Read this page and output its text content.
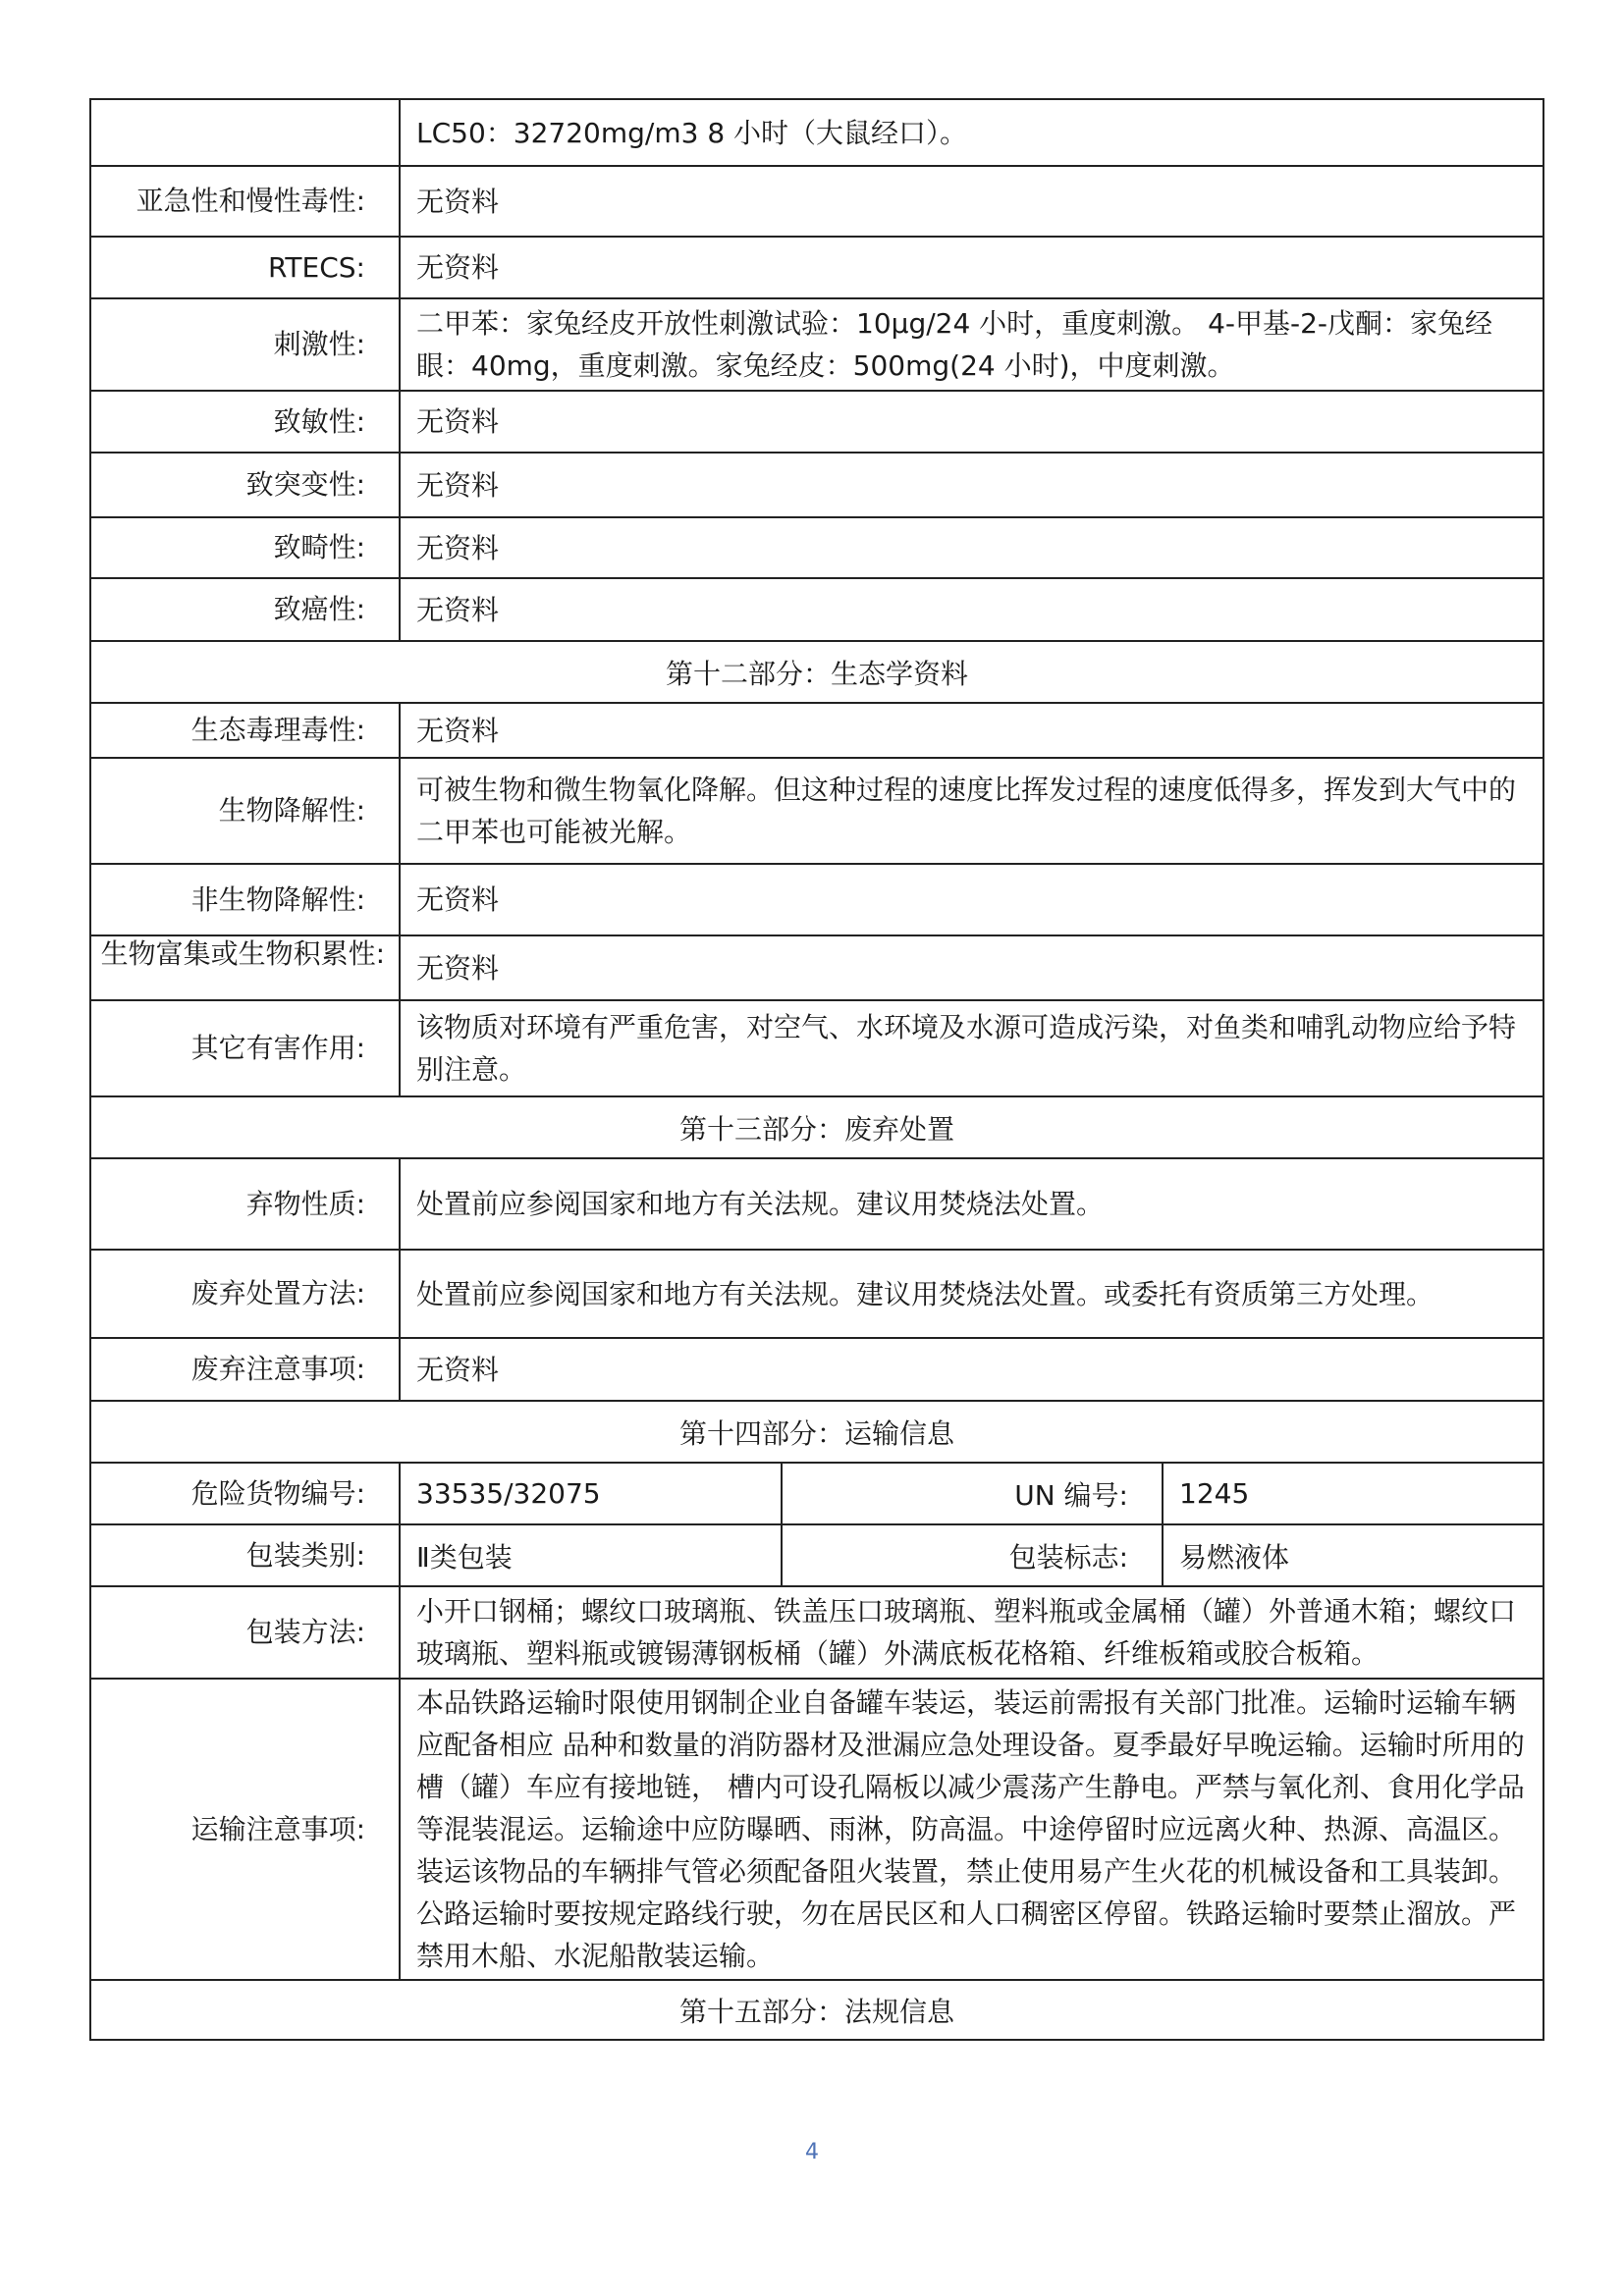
LC50：32720mg/m3 8 小时（大鼠经口）。
亚急性和慢性毒性:	无资料
RTECS:	无资料
刺激性:
二甲苯：家兔经皮开放性刺激试验：10μg/24 小时，重度刺激。 4-甲基-2-戊酮：家兔经眼：40mg，重度刺激。家兔经皮：500mg(24 小时)，中度刺激。
致敏性:	无资料
致突变性:	无资料
致畸性:	无资料
致癌性:	无资料
第十二部分：生态学资料
生态毒理毒性:	无资料
生物降解性:
可被生物和微生物氧化降解。但这种过程的速度比挥发过程的速度低得多，挥发到大气中的二甲苯也可能被光解。
非生物降解性:	无资料
生物富集或生物积累性:	无资料
其它有害作用:
该物质对环境有严重危害，对空气、水环境及水源可造成污染，对鱼类和哺乳动物应给予特别注意。
第十三部分：废弃处置
弃物性质:	处置前应参阅国家和地方有关法规。建议用焚烧法处置。
废弃处置方法:	处置前应参阅国家和地方有关法规。建议用焚烧法处置。或委托有资质第三方处理。
废弃注意事项:	无资料
第十四部分：运输信息
危险货物编号:	33535/32075	UN 编号:	1245
包装类别:	Ⅱ类包装	包装标志:	易燃液体
包装方法:
小开口钢桶；螺纹口玻璃瓶、铁盖压口玻璃瓶、塑料瓶或金属桶（罐）外普通木箱；螺纹口玻璃瓶、塑料瓶或镀锡薄钢板桶（罐）外满底板花格箱、纤维板箱或胶合板箱。
运输注意事项:
本品铁路运输时限使用钢制企业自备罐车装运，装运前需报有关部门批准。运输时运输车辆应配备相应 品种和数量的消防器材及泄漏应急处理设备。夏季最好早晚运输。运输时所用的槽（罐）车应有接地链， 槽内可设孔隔板以减少震荡产生静电。严禁与氧化剂、食用化学品等混装混运。运输途中应防曝晒、雨淋，防高温。中途停留时应远离火种、热源、高温区。装运该物品的车辆排气管必须配备阻火装置，禁止使用易产生火花的机械设备和工具装卸。公路运输时要按规定路线行驶，勿在居民区和人口稠密区停留。铁路运输时要禁止溜放。严禁用木船、水泥船散装运输。
第十五部分：法规信息
4
